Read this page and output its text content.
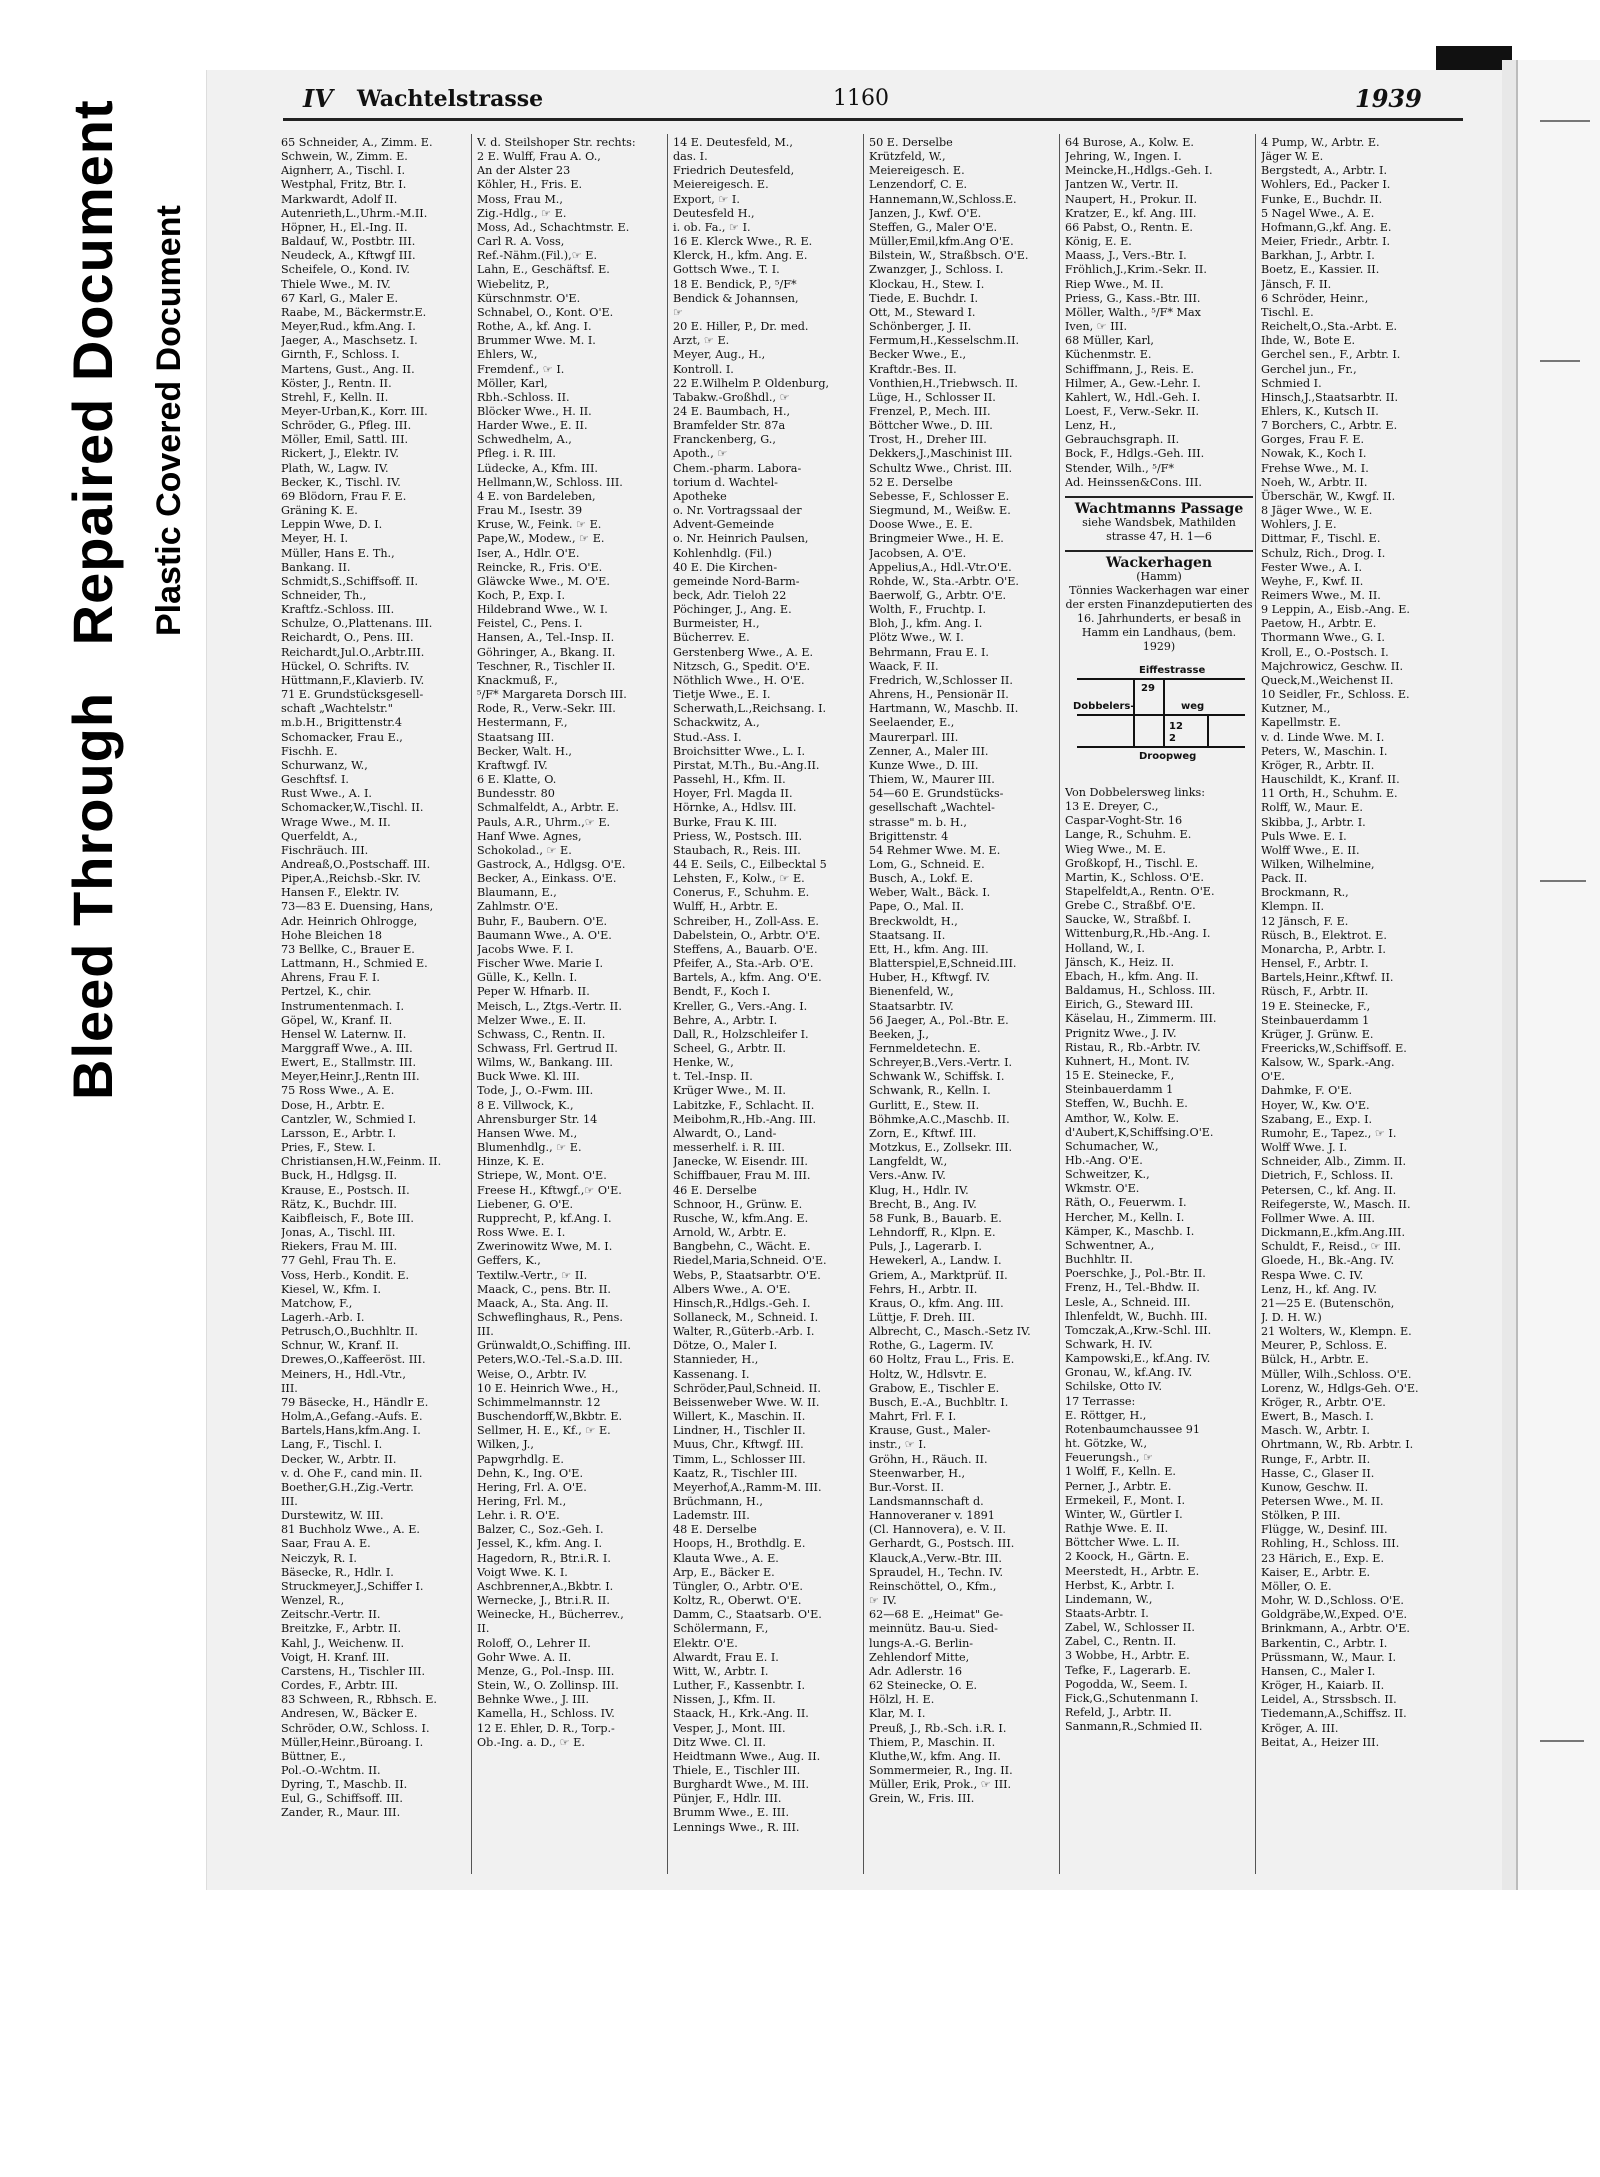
Bleed Through Repaired Document Plastic Covered Document
IV Wachtelstrasse	1160	1939
65 Schneider, A., Zimm. E.
Schwein, W., Zimm. E.
Aignherr, A., Tischl. I.
Westphal, Fritz, Btr. I.
Markwardt, Adolf II.
Autenrieth,L.,Uhrm.-M.II.
Höpner, H., El.-Ing. II.
Baldauf, W., Postbtr. III.
Neudeck, A., Kftwgf III.
Scheifele, O., Kond. IV.
Thiele Wwe., M. IV.
67 Karl, G., Maler E.
Raabe, M., Bäckermstr.E.
Meyer,Rud., kfm.Ang. I.
Jaeger, A., Maschsetz. I.
Girnth, F., Schloss. I.
Martens, Gust., Ang. II.
Köster, J., Rentn. II.
Strehl, F., Kelln. II.
Meyer-Urban,K., Korr. III.
Schröder, G., Pfleg. III.
Möller, Emil, Sattl. III.
Rickert, J., Elektr. IV.
Plath, W., Lagw. IV.
Becker, K., Tischl. IV.
69 Blödorn, Frau F. E.
Gräning K. E.
Leppin Wwe, D. I.
Meyer, H. I.
Müller, Hans E. Th.,
Bankang. II.
Schmidt,S.,Schiffsoff. II.
Schneider, Th.,
Kraftfz.-Schloss. III.
Schulze, O.,Plattenans. III.
Reichardt, O., Pens. III.
Reichardt,Jul.O.,Arbtr.III.
Hückel, O. Schrifts. IV.
Hüttmann,F.,Klavierb. IV.
71 E. Grundstücksgesell-
schaft „Wachtelstr."
m.b.H., Brigittenstr.4
Schomacker, Frau E.,
Fischh. E.
Schurwanz, W.,
Geschftsf. I.
Rust Wwe., A. I.
Schomacker,W.,Tischl. II.
Wrage Wwe., M. II.
Querfeldt, A.,
Fischräuch. III.
Andreaß,O.,Postschaff. III.
Piper,A.,Reichsb.-Skr. IV.
Hansen F., Elektr. IV.
73—83 E. Duensing, Hans,
Adr. Heinrich Ohlrogge,
Hohe Bleichen 18
73 Bellke, C., Brauer E.
Lattmann, H., Schmied E.
Ahrens, Frau F. I.
Pertzel, K., chir.
Instrumentenmach. I.
Göpel, W., Kranf. II.
Hensel W. Laternw. II.
Marggraff Wwe., A. III.
Ewert, E., Stallmstr. III.
Meyer,Heinr.J.,Rentn III.
75 Ross Wwe., A. E.
Dose, H., Arbtr. E.
Cantzler, W., Schmied I.
Larsson, E., Arbtr. I.
Pries, F., Stew. I.
Christiansen,H.W.,Feinm. II.
Buck, H., Hdlgsg. II.
Krause, E., Postsch. II.
Rätz, K., Buchdr. III.
Kaibfleisch, F., Bote III.
Jonas, A., Tischl. III.
Riekers, Frau M. III.
77 Gehl, Frau Th. E.
Voss, Herb., Kondit. E.
Kiesel, W., Kfm. I.
Matchow, F.,
Lagerh.-Arb. I.
Petrusch,O.,Buchhltr. II.
Schnur, W., Kranf. II.
Drewes,O.,Kaffeeröst. III.
Meiners, H., Hdl.-Vtr.,
III.
79 Bäsecke, H., Händlr E.
Holm,A.,Gefang.-Aufs. E.
Bartels,Hans,kfm.Ang. I.
Lang, F., Tischl. I.
Decker, W., Arbtr. II.
v. d. Ohe F., cand min. II.
Boether,G.H.,Zig.-Vertr.
III.
Durstewitz, W. III.
81 Buchholz Wwe., A. E.
Saar, Frau A. E.
Neiczyk, R. I.
Bäsecke, R., Hdlr. I.
Struckmeyer,J.,Schiffer I.
Wenzel, R.,
Zeitschr.-Vertr. II.
Breitzke, F., Arbtr. II.
Kahl, J., Weichenw. II.
Voigt, H. Kranf. III.
Carstens, H., Tischler III.
Cordes, F., Arbtr. III.
83 Schween, R., Rbhsch. E.
Andresen, W., Bäcker E.
Schröder, O.W., Schloss. I.
Müller,Heinr.,Büroang. I.
Büttner, E.,
Pol.-O.-Wchtm. II.
Dyring, T., Maschb. II.
Eul, G., Schiffsoff. III.
Zander, R., Maur. III.
V. d. Steilshoper Str. rechts:
2 E. Wulff, Frau A. O.,
An der Alster 23
Köhler, H., Fris. E.
Moss, Frau M.,
Zig.-Hdlg., ☞ E.
Moss, Ad., Schachtmstr. E.
Carl R. A. Voss,
Ref.-Nähm.(Fil.),☞ E.
Lahn, E., Geschäftsf. E.
Wiebelitz, P.,
Kürschnmstr. O'E.
Schnabel, O., Kont. O'E.
Rothe, A., kf. Ang. I.
Brummer Wwe. M. I.
Ehlers, W.,
Fremdenf., ☞ I.
Möller, Karl,
Rbh.-Schloss. II.
Blöcker Wwe., H. II.
Harder Wwe., E. II.
Schwedhelm, A.,
Pfleg. i. R. III.
Lüdecke, A., Kfm. III.
Hellmann,W., Schloss. III.
4 E. von Bardeleben,
Frau M., Isestr. 39
Kruse, W., Feink. ☞ E.
Pape,W., Modew., ☞ E.
Iser, A., Hdlr. O'E.
Reincke, R., Fris. O'E.
Gläwcke Wwe., M. O'E.
Koch, P., Exp. I.
Hildebrand Wwe., W. I.
Feistel, C., Pens. I.
Hansen, A., Tel.-Insp. II.
Göhringer, A., Bkang. II.
Teschner, R., Tischler II.
Knackmuß, F.,
⁵/F* Margareta Dorsch III.
Rode, R., Verw.-Sekr. III.
Hestermann, F.,
Staatsang III.
Becker, Walt. H.,
Kraftwgf. IV.
6 E. Klatte, O.
Bundesstr. 80
Schmalfeldt, A., Arbtr. E.
Pauls, A.R., Uhrm.,☞ E.
Hanf Wwe. Agnes,
Schokolad., ☞ E.
Gastrock, A., Hdlgsg. O'E.
Becker, A., Einkass. O'E.
Blaumann, E.,
Zahlmstr. O'E.
Buhr, F., Baubern. O'E.
Baumann Wwe., A. O'E.
Jacobs Wwe. F. I.
Fischer Wwe. Marie I.
Gülle, K., Kelln. I.
Peper W. Hfnarb. II.
Meisch, L., Ztgs.-Vertr. II.
Melzer Wwe., E. II.
Schwass, C., Rentn. II.
Schwass, Frl. Gertrud II.
Wilms, W., Bankang. III.
Buck Wwe. Kl. III.
Tode, J., O.-Fwm. III.
8 E. Villwock, K.,
Ahrensburger Str. 14
Hansen Wwe. M.,
Blumenhdlg., ☞ E.
Hinze, K. E.
Striepe, W., Mont. O'E.
Freese H., Kftwgf.,☞ O'E.
Liebener, G. O'E.
Rupprecht, P., kf.Ang. I.
Ross Wwe. E. I.
Zwerinowitz Wwe, M. I.
Geffers, K.,
Textilw.-Vertr., ☞ II.
Maack, C., pens. Btr. II.
Maack, A., Sta. Ang. II.
Schweflinghaus, R., Pens.
III.
Grünwaldt,O.,Schiffing. III.
Peters,W.O.-Tel.-S.a.D. III.
Weise, O., Arbtr. IV.
10 E. Heinrich Wwe., H.,
Schimmelmannstr. 12
Buschendorff,W.,Bkbtr. E.
Sellmer, H. E., Kf., ☞ E.
Wilken, J.,
Papwgrhdlg. E.
Dehn, K., Ing. O'E.
Hering, Frl. A. O'E.
Hering, Frl. M.,
Lehr. i. R. O'E.
Balzer, C., Soz.-Geh. I.
Jessel, K., kfm. Ang. I.
Hagedorn, R., Btr.i.R. I.
Voigt Wwe. K. I.
Aschbrenner,A.,Bkbtr. I.
Wernecke, J., Btr.i.R. II.
Weinecke, H., Bücherrev.,
II.
Roloff, O., Lehrer II.
Gohr Wwe. A. II.
Menze, G., Pol.-Insp. III.
Stein, W., O. Zollinsp. III.
Behnke Wwe., J. III.
Kamella, H., Schloss. IV.
12 E. Ehler, D. R., Torp.-
Ob.-Ing. a. D., ☞ E.
14 E. Deutesfeld, M.,
das. I.
Friedrich Deutesfeld,
Meiereigesch. E.
Export, ☞ I.
Deutesfeld H.,
i. ob. Fa., ☞ I.
16 E. Klerck Wwe., R. E.
Klerck, H., kfm. Ang. E.
Gottsch Wwe., T. I.
18 E. Bendick, P., ⁵/F*
Bendick & Johannsen,
☞
20 E. Hiller, P., Dr. med.
Arzt, ☞ E.
Meyer, Aug., H.,
Kontroll. I.
22 E.Wilhelm P. Oldenburg,
Tabakw.-Großhdl., ☞
24 E. Baumbach, H.,
Bramfelder Str. 87a
Franckenberg, G.,
Apoth., ☞
Chem.-pharm. Labora-
torium d. Wachtel-
Apotheke
o. Nr. Vortragssaal der
Advent-Gemeinde
o. Nr. Heinrich Paulsen,
Kohlenhdlg. (Fil.)
40 E. Die Kirchen-
gemeinde Nord-Barm-
beck, Adr. Tieloh 22
Pöchinger, J., Ang. E.
Burmeister, H.,
Bücherrev. E.
Gerstenberg Wwe., A. E.
Nitzsch, G., Spedit. O'E.
Nöthlich Wwe., H. O'E.
Tietje Wwe., E. I.
Scherwath,L.,Reichsang. I.
Schackwitz, A.,
Stud.-Ass. I.
Broichsitter Wwe., L. I.
Pirstat, M.Th., Bu.-Ang.II.
Passehl, H., Kfm. II.
Hoyer, Frl. Magda II.
Hörnke, A., Hdlsv. III.
Burke, Frau K. III.
Priess, W., Postsch. III.
Staubach, R., Reis. III.
44 E. Seils, C., Eilbecktal 5
Lehsten, F., Kolw., ☞ E.
Conerus, F., Schuhm. E.
Wulff, H., Arbtr. E.
Schreiber, H., Zoll-Ass. E.
Dabelstein, O., Arbtr. O'E.
Steffens, A., Bauarb. O'E.
Pfeifer, A., Sta.-Arb. O'E.
Bartels, A., kfm. Ang. O'E.
Bendt, F., Koch I.
Kreller, G., Vers.-Ang. I.
Behre, A., Arbtr. I.
Dall, R., Holzschleifer I.
Scheel, G., Arbtr. II.
Henke, W.,
t. Tel.-Insp. II.
Krüger Wwe., M. II.
Labitzke, F., Schlacht. II.
Meibohm,R.,Hb.-Ang. III.
Alwardt, O., Land-
messerhelf. i. R. III.
Janecke, W. Eisendr. III.
Schiffbauer, Frau M. III.
46 E. Derselbe
Schnoor, H., Grünw. E.
Rusche, W., kfm.Ang. E.
Arnold, W., Arbtr. E.
Bangbehn, C., Wächt. E.
Riedel,Maria,Schneid. O'E.
Webs, P., Staatsarbtr. O'E.
Albers Wwe., A. O'E.
Hinsch,R.,Hdlgs.-Geh. I.
Sollaneck, M., Schneid. I.
Walter, R.,Güterb.-Arb. I.
Dötze, O., Maler I.
Stannieder, H.,
Kassenang. I.
Schröder,Paul,Schneid. II.
Beissenweber Wwe. W. II.
Willert, K., Maschin. II.
Lindner, H., Tischler II.
Muus, Chr., Kftwgf. III.
Timm, L., Schlosser III.
Kaatz, R., Tischler III.
Meyerhof,A.,Ramm-M. III.
Brüchmann, H.,
Lademstr. III.
48 E. Derselbe
Hoops, H., Brothdlg. E.
Klauta Wwe., A. E.
Arp, E., Bäcker E.
Tüngler, O., Arbtr. O'E.
Koltz, R., Oberwt. O'E.
Damm, C., Staatsarb. O'E.
Schölermann, F.,
Elektr. O'E.
Alwardt, Frau E. I.
Witt, W., Arbtr. I.
Luther, F., Kassenbtr. I.
Nissen, J., Kfm. II.
Staack, H., Krk.-Ang. II.
Vesper, J., Mont. III.
Ditz Wwe. Cl. II.
Heidtmann Wwe., Aug. II.
Thiele, E., Tischler III.
Burghardt Wwe., M. III.
Pünjer, F., Hdlr. III.
Brumm Wwe., E. III.
Lennings Wwe., R. III.
50 E. Derselbe
Krützfeld, W.,
Meiereigesch. E.
Lenzendorf, C. E.
Hannemann,W.,Schloss.E.
Janzen, J., Kwf. O'E.
Steffen, G., Maler O'E.
Müller,Emil,kfm.Ang O'E.
Bilstein, W., Straßbsch. O'E.
Zwanzger, J., Schloss. I.
Klockau, H., Stew. I.
Tiede, E. Buchdr. I.
Ott, M., Steward I.
Schönberger, J. II.
Fermum,H.,Kesselschm.II.
Becker Wwe., E.,
Kraftdr.-Bes. II.
Vonthien,H.,Triebwsch. II.
Lüge, H., Schlosser II.
Frenzel, P., Mech. III.
Böttcher Wwe., D. III.
Trost, H., Dreher III.
Dekkers,J.,Maschinist III.
Schultz Wwe., Christ. III.
52 E. Derselbe
Sebesse, F., Schlosser E.
Siegmund, M., Weißw. E.
Doose Wwe., E. E.
Bringmeier Wwe., H. E.
Jacobsen, A. O'E.
Appelius,A., Hdl.-Vtr.O'E.
Rohde, W., Sta.-Arbtr. O'E.
Baerwolf, G., Arbtr. O'E.
Wolth, F., Fruchtp. I.
Bloh, J., kfm. Ang. I.
Plötz Wwe., W. I.
Behrmann, Frau E. I.
Waack, F. II.
Fredrich, W.,Schlosser II.
Ahrens, H., Pensionär II.
Hartmann, W., Maschb. II.
Seelaender, E.,
Maurerparl. III.
Zenner, A., Maler III.
Kunze Wwe., D. III.
Thiem, W., Maurer III.
54—60 E. Grundstücks-
gesellschaft „Wachtel-
strasse" m. b. H.,
Brigittenstr. 4
54 Rehmer Wwe. M. E.
Lom, G., Schneid. E.
Busch, A., Lokf. E.
Weber, Walt., Bäck. I.
Pape, O., Mal. II.
Breckwoldt, H.,
Staatsang. II.
Ett, H., kfm. Ang. III.
Blatterspiel,E,Schneid.III.
Huber, H., Kftwgf. IV.
Bienenfeld, W.,
Staatsarbtr. IV.
56 Jaeger, A., Pol.-Btr. E.
Beeken, J.,
Fernmeldetechn. E.
Schreyer,B.,Vers.-Vertr. I.
Schwank W., Schiffsk. I.
Schwank, R., Kelln. I.
Gurlitt, E., Stew. II.
Böhmke,A.C.,Maschb. II.
Zorn, E., Kftwf. III.
Motzkus, E., Zollsekr. III.
Langfeldt, W.,
Vers.-Anw. IV.
Klug, H., Hdlr. IV.
Brecht, B., Ang. IV.
58 Funk, B., Bauarb. E.
Lehndorff, R., Klpn. E.
Puls, J., Lagerarb. I.
Hewekerl, A., Landw. I.
Griem, A., Marktprüf. II.
Fehrs, H., Arbtr. II.
Kraus, O., kfm. Ang. III.
Lüttje, F. Dreh. III.
Albrecht, C., Masch.-Setz IV.
Rothe, G., Lagerm. IV.
60 Holtz, Frau L., Fris. E.
Holtz, W., Hdlsvtr. E.
Grabow, E., Tischler E.
Busch, E.-A., Buchbltr. I.
Mahrt, Frl. F. I.
Krause, Gust., Maler-
instr., ☞ I.
Gröhn, H., Räuch. II.
Steenwarber, H.,
Bur.-Vorst. II.
Landsmannschaft d.
Hannoveraner v. 1891
(Cl. Hannovera), e. V. II.
Gerhardt, G., Postsch. III.
Klauck,A.,Verw.-Btr. III.
Spraudel, H., Techn. IV.
Reinschöttel, O., Kfm.,
☞ IV.
62—68 E. „Heimat" Ge-
meinnütz. Bau-u. Sied-
lungs-A.-G. Berlin-
Zehlendorf Mitte,
Adr. Adlerstr. 16
62 Steinecke, O. E.
Hölzl, H. E.
Klar, M. I.
Preuß, J., Rb.-Sch. i.R. I.
Thiem, P., Maschin. II.
Kluthe,W., kfm. Ang. II.
Sommermeier, R., Ing. II.
Müller, Erik, Prok., ☞ III.
Grein, W., Fris. III.
64 Burose, A., Kolw. E.
Jehring, W., Ingen. I.
Meincke,H.,Hdlgs.-Geh. I.
Jantzen W., Vertr. II.
Naupert, H., Prokur. II.
Kratzer, E., kf. Ang. III.
66 Pabst, O., Rentn. E.
König, E. E.
Maass, J., Vers.-Btr. I.
Fröhlich,J.,Krim.-Sekr. II.
Riep Wwe., M. II.
Priess, G., Kass.-Btr. III.
Möller, Walth., ⁵/F* Max
Iven, ☞ III.
68 Müller, Karl,
Küchenmstr. E.
Schiffmann, J., Reis. E.
Hilmer, A., Gew.-Lehr. I.
Kahlert, W., Hdl.-Geh. I.
Loest, F., Verw.-Sekr. II.
Lenz, H.,
Gebrauchsgraph. II.
Bock, F., Hdlgs.-Geh. III.
Stender, Wilh., ⁵/F*
Ad. Heinssen&Cons. III.
Wachtmanns Passage
siehe Wandsbek, Mathilden strasse 47, H. 1—6
Wackerhagen
(Hamm)
Tönnies Wackerhagen war einer der ersten Finanzdeputierten des 16. Jahrhunderts, er besaß in Hamm ein Landhaus, (bem. 1929)
Eiffestrasse
Dobbelers-	weg
Droopweg
29
12
2
Von Dobbelersweg links:
13 E. Dreyer, C.,
Caspar-Voght-Str. 16
Lange, R., Schuhm. E.
Wieg Wwe., M. E.
Großkopf, H., Tischl. E.
Martin, K., Schloss. O'E.
Stapelfeldt,A., Rentn. O'E.
Grebe C., Straßbf. O'E.
Saucke, W., Straßbf. I.
Wittenburg,R.,Hb.-Ang. I.
Holland, W., I.
Jänsch, K., Heiz. II.
Ebach, H., kfm. Ang. II.
Baldamus, H., Schloss. III.
Eirich, G., Steward III.
Käselau, H., Zimmerm. III.
Prignitz Wwe., J. IV.
Ristau, R., Rb.-Arbtr. IV.
Kuhnert, H., Mont. IV.
15 E. Steinecke, F.,
Steinbauerdamm 1
Steffen, W., Buchh. E.
Amthor, W., Kolw. E.
d'Aubert,K,Schiffsing.O'E.
Schumacher, W.,
Hb.-Ang. O'E.
Schweitzer, K.,
Wkmstr. O'E.
Räth, O., Feuerwm. I.
Hercher, M., Kelln. I.
Kämper, K., Maschb. I.
Schwentner, A.,
Buchhltr. II.
Poerschke, J., Pol.-Btr. II.
Frenz, H., Tel.-Bhdw. II.
Lesle, A., Schneid. III.
Ihlenfeldt, W., Buchh. III.
Tomczak,A.,Krw.-Schl. III.
Schwark, H. IV.
Kampowski,E., kf.Ang. IV.
Gronau, W., kf.Ang. IV.
Schilske, Otto IV.
17 Terrasse:
E. Röttger, H.,
Rotenbaumchaussee 91
ht. Götzke, W.,
Feuerungsh., ☞
1 Wolff, F., Kelln. E.
Perner, J., Arbtr. E.
Ermekeil, F., Mont. I.
Winter, W., Gürtler I.
Rathje Wwe. E. II.
Böttcher Wwe. L. II.
2 Koock, H., Gärtn. E.
Meerstedt, H., Arbtr. E.
Herbst, K., Arbtr. I.
Lindemann, W.,
Staats-Arbtr. I.
Zabel, W., Schlosser II.
Zabel, C., Rentn. II.
3 Wobbe, H., Arbtr. E.
Tefke, F., Lagerarb. E.
Pogodda, W., Seem. I.
Fick,G.,Schutenmann I.
Refeld, J., Arbtr. II.
Sanmann,R.,Schmied II.
4 Pump, W., Arbtr. E.
Jäger W. E.
Bergstedt, A., Arbtr. I.
Wohlers, Ed., Packer I.
Funke, E., Buchdr. II.
5 Nagel Wwe., A. E.
Hofmann,G.,kf. Ang. E.
Meier, Friedr., Arbtr. I.
Barkhan, J., Arbtr. I.
Boetz, E., Kassier. II.
Jänsch, F. II.
6 Schröder, Heinr.,
Tischl. E.
Reichelt,O.,Sta.-Arbt. E.
Ihde, W., Bote E.
Gerchel sen., F., Arbtr. I.
Gerchel jun., Fr.,
Schmied I.
Hinsch,J.,Staatsarbtr. II.
Ehlers, K., Kutsch II.
7 Borchers, C., Arbtr. E.
Gorges, Frau F. E.
Nowak, K., Koch I.
Frehse Wwe., M. I.
Noeh, W., Arbtr. II.
Überschär, W., Kwgf. II.
8 Jäger Wwe., W. E.
Wohlers, J. E.
Dittmar, F., Tischl. E.
Schulz, Rich., Drog. I.
Fester Wwe., A. I.
Weyhe, F., Kwf. II.
Reimers Wwe., M. II.
9 Leppin, A., Eisb.-Ang. E.
Paetow, H., Arbtr. E.
Thormann Wwe., G. I.
Kroll, E., O.-Postsch. I.
Majchrowicz, Geschw. II.
Queck,M.,Weichenst II.
10 Seidler, Fr., Schloss. E.
Kutzner, M.,
Kapellmstr. E.
v. d. Linde Wwe. M. I.
Peters, W., Maschin. I.
Kröger, R., Arbtr. II.
Hauschildt, K., Kranf. II.
11 Orth, H., Schuhm. E.
Rolff, W., Maur. E.
Skibba, J., Arbtr. I.
Puls Wwe. E. I.
Wolff Wwe., E. II.
Wilken, Wilhelmine,
Pack. II.
Brockmann, R.,
Klempn. II.
12 Jänsch, F. E.
Rüsch, B., Elektrot. E.
Monarcha, P., Arbtr. I.
Hensel, F., Arbtr. I.
Bartels,Heinr.,Kftwf. II.
Rüsch, F., Arbtr. II.
19 E. Steinecke, F.,
Steinbauerdamm 1
Krüger, J. Grünw. E.
Freericks,W.,Schiffsoff. E.
Kalsow, W., Spark.-Ang.
O'E.
Dahmke, F. O'E.
Hoyer, W., Kw. O'E.
Szabang, E., Exp. I.
Rumohr, E., Tapez., ☞ I.
Wolff Wwe. J. I.
Schneider, Alb., Zimm. II.
Dietrich, F., Schloss. II.
Petersen, C., kf. Ang. II.
Reifegerste, W., Masch. II.
Follmer Wwe. A. III.
Dickmann,E.,kfm.Ang.III.
Schuldt, F., Reisd., ☞ III.
Gloede, H., Bk.-Ang. IV.
Respa Wwe. C. IV.
Lenz, H., kf. Ang. IV.
21—25 E. (Butenschön,
J. D. H. W.)
21 Wolters, W., Klempn. E.
Meurer, P., Schloss. E.
Bülck, H., Arbtr. E.
Müller, Wilh.,Schloss. O'E.
Lorenz, W., Hdlgs-Geh. O'E.
Kröger, R., Arbtr. O'E.
Ewert, B., Masch. I.
Masch. W., Arbtr. I.
Ohrtmann, W., Rb. Arbtr. I.
Runge, F., Arbtr. II.
Hasse, C., Glaser II.
Kunow, Geschw. II.
Petersen Wwe., M. II.
Stölken, P. III.
Flügge, W., Desinf. III.
Rohling, H., Schloss. III.
23 Härich, E., Exp. E.
Kaiser, E., Arbtr. E.
Möller, O. E.
Mohr, W. D.,Schloss. O'E.
Goldgräbe,W.,Exped. O'E.
Brinkmann, A., Arbtr. O'E.
Barkentin, C., Arbtr. I.
Prüssmann, W., Maur. I.
Hansen, C., Maler I.
Kröger, H., Kaiarb. II.
Leidel, A., Strssbsch. II.
Tiedemann,A.,Schiffsz. II.
Kröger, A. III.
Beitat, A., Heizer III.
